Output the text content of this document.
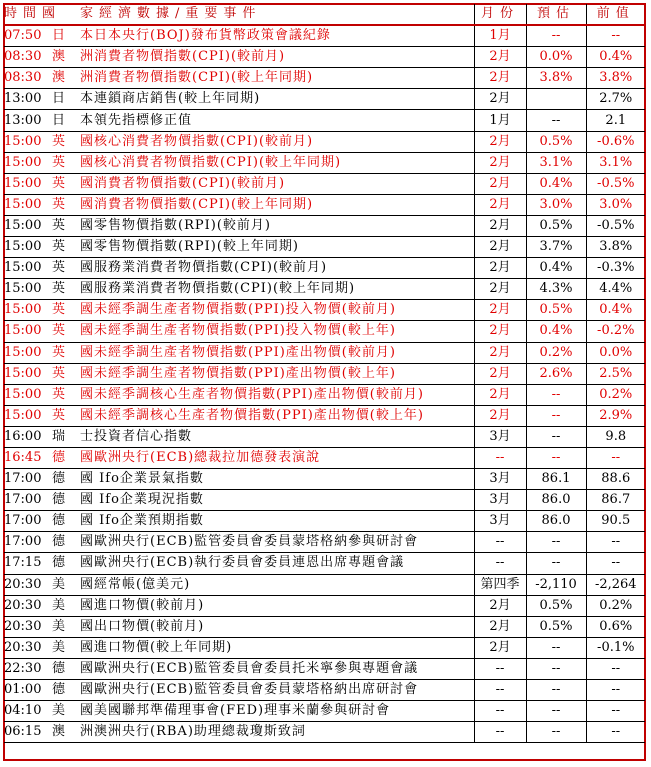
時間國		家經濟數據/重要事件	月份	預估	前值
07:50	日	本日本央行(BOJ)發布貨幣政策會議紀錄	1月	--	--
08:30	澳	洲消費者物價指數(CPI)(較前月)	2月	0.0%	0.4%
08:30	澳	洲消費者物價指數(CPI)(較上年同期)	2月	3.8%	3.8%
13:00	日	本連鎖商店銷售(較上年同期)	2月		2.7%
13:00	日	本領先指標修正值	1月	--	2.1
15:00	英	國核心消費者物價指數(CPI)(較前月)	2月	0.5%	-0.6%
15:00	英	國核心消費者物價指數(CPI)(較上年同期)	2月	3.1%	3.1%
15:00	英	國消費者物價指數(CPI)(較前月)	2月	0.4%	-0.5%
15:00	英	國消費者物價指數(CPI)(較上年同期)	2月	3.0%	3.0%
15:00	英	國零售物價指數(RPI)(較前月)	2月	0.5%	-0.5%
15:00	英	國零售物價指數(RPI)(較上年同期)	2月	3.7%	3.8%
15:00	英	國服務業消費者物價指數(CPI)(較前月)	2月	0.4%	-0.3%
15:00	英	國服務業消費者物價指數(CPI)(較上年同期)	2月	4.3%	4.4%
15:00	英	國未經季調生產者物價指數(PPI)投入物價(較前月)	2月	0.5%	0.4%
15:00	英	國未經季調生產者物價指數(PPI)投入物價(較上年)	2月	0.4%	-0.2%
15:00	英	國未經季調生產者物價指數(PPI)產出物價(較前月)	2月	0.2%	0.0%
15:00	英	國未經季調生產者物價指數(PPI)產出物價(較上年)	2月	2.6%	2.5%
15:00	英	國未經季調核心生產者物價指數(PPI)產出物價(較前月)	2月	--	0.2%
15:00	英	國未經季調核心生產者物價指數(PPI)產出物價(較上年)	2月	--	2.9%
16:00	瑞	士投資者信心指數	3月	--	9.8
16:45	德	國歐洲央行(ECB)總裁拉加德發表演說	--	--	--
17:00	德	國 Ifo企業景氣指數	3月	86.1	88.6
17:00	德	國 Ifo企業現況指數	3月	86.0	86.7
17:00	德	國 Ifo企業預期指數	3月	86.0	90.5
17:00	德	國歐洲央行(ECB)監管委員會委員蒙塔格納參與研討會	--	--	--
17:15	德	國歐洲央行(ECB)執行委員會委員連恩出席專題會議	--	--	--
20:30	美	國經常帳(億美元)	第四季	-2,110	-2,264
20:30	美	國進口物價(較前月)	2月	0.5%	0.2%
20:30	美	國出口物價(較前月)	2月	0.5%	0.6%
20:30	美	國進口物價(較上年同期)	2月	--	-0.1%
22:30	德	國歐洲央行(ECB)監管委員會委員托米寧參與專題會議	--	--	--
01:00	德	國歐洲央行(ECB)監管委員會委員蒙塔格納出席研討會	--	--	--
04:10	美	國美國聯邦準備理事會(FED)理事米蘭參與研討會	--	--	--
06:15	澳	洲澳洲央行(RBA)助理總裁瓊斯致詞	--	--	--
